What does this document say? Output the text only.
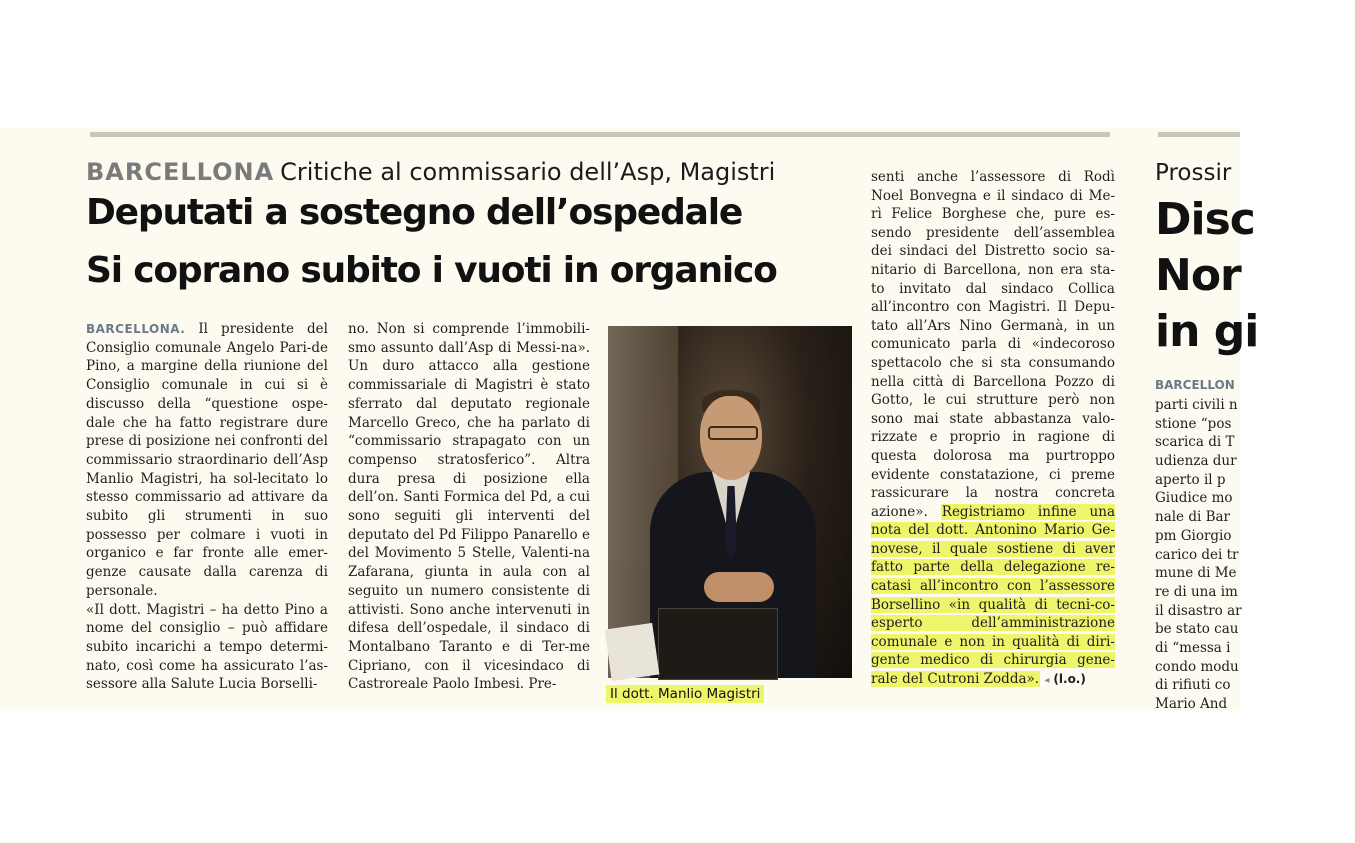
BARCELLONA Critiche al commissario dell’Asp, Magistri
Deputati a sostegno dell’ospedale
Si coprano subito i vuoti in organico

BARCELLONA. Il presidente del Consiglio comunale Angelo Pari-de Pino, a margine della riunione del Consiglio comunale in cui si è discusso della “questione ospe-dale che ha fatto registrare dure prese di posizione nei confronti del commissario straordinario dell’Asp Manlio Magistri, ha sol-lecitato lo stesso commissario ad attivare da subito gli strumenti in suo possesso per colmare i vuoti in organico e far fronte alle emer-genze causate dalla carenza di personale.

«Il dott. Magistri – ha detto Pino a nome del consiglio – può affidare subito incarichi a tempo determi-nato, così come ha assicurato l’as-sessore alla Salute Lucia Borselli-

no. Non si comprende l’immobili-smo assunto dall’Asp di Messi-na». Un duro attacco alla gestione commissariale di Magistri è stato sferrato dal deputato regionale Marcello Greco, che ha parlato di “commissario strapagato con un compenso stratosferico”. Altra dura presa di posizione ella dell’on. Santi Formica del Pd, a cui sono seguiti gli interventi del deputato del Pd Filippo Panarello e del Movimento 5 Stelle, Valenti-na Zafarana, giunta in aula con al seguito un numero consistente di attivisti. Sono anche intervenuti in difesa dell’ospedale, il sindaco di Montalbano Taranto e di Ter-me Cipriano, con il vicesindaco di Castroreale Paolo Imbesi. Pre-

Il dott. Manlio Magistri

senti anche l’assessore di Rodì Noel Bonvegna e il sindaco di Me-rì Felice Borghese che, pure es-sendo presidente dell’assemblea dei sindaci del Distretto socio sa-nitario di Barcellona, non era sta-to invitato dal sindaco Collica all’incontro con Magistri. Il Depu-tato all’Ars Nino Germanà, in un comunicato parla di «indecoroso spettacolo che si sta consumando nella città di Barcellona Pozzo di Gotto, le cui strutture però non sono mai state abbastanza valo-rizzate e proprio in ragione di questa dolorosa ma purtroppo evidente constatazione, ci preme rassicurare la nostra concreta azione». Registriamo infine una nota del dott. Antonino Mario Ge-novese, il quale sostiene di aver fatto parte della delegazione re-catasi all’incontro con l’assessore Borsellino «in qualità di tecni-co-esperto dell’amministrazione comunale e non in qualità di diri-gente medico di chirurgia gene-rale del Cutroni Zodda». ◂ (l.o.)

Prossir
Disc
Nor
in gi
BARCELLON
parti civili n
stione “pos
scarica di T
udienza dur
aperto il p
Giudice mo
nale di Bar
pm Giorgio
carico dei tr
mune di Me
re di una im
il disastro ar
be stato cau
di “messa i
condo modu
di rifiuti co
Mario And
